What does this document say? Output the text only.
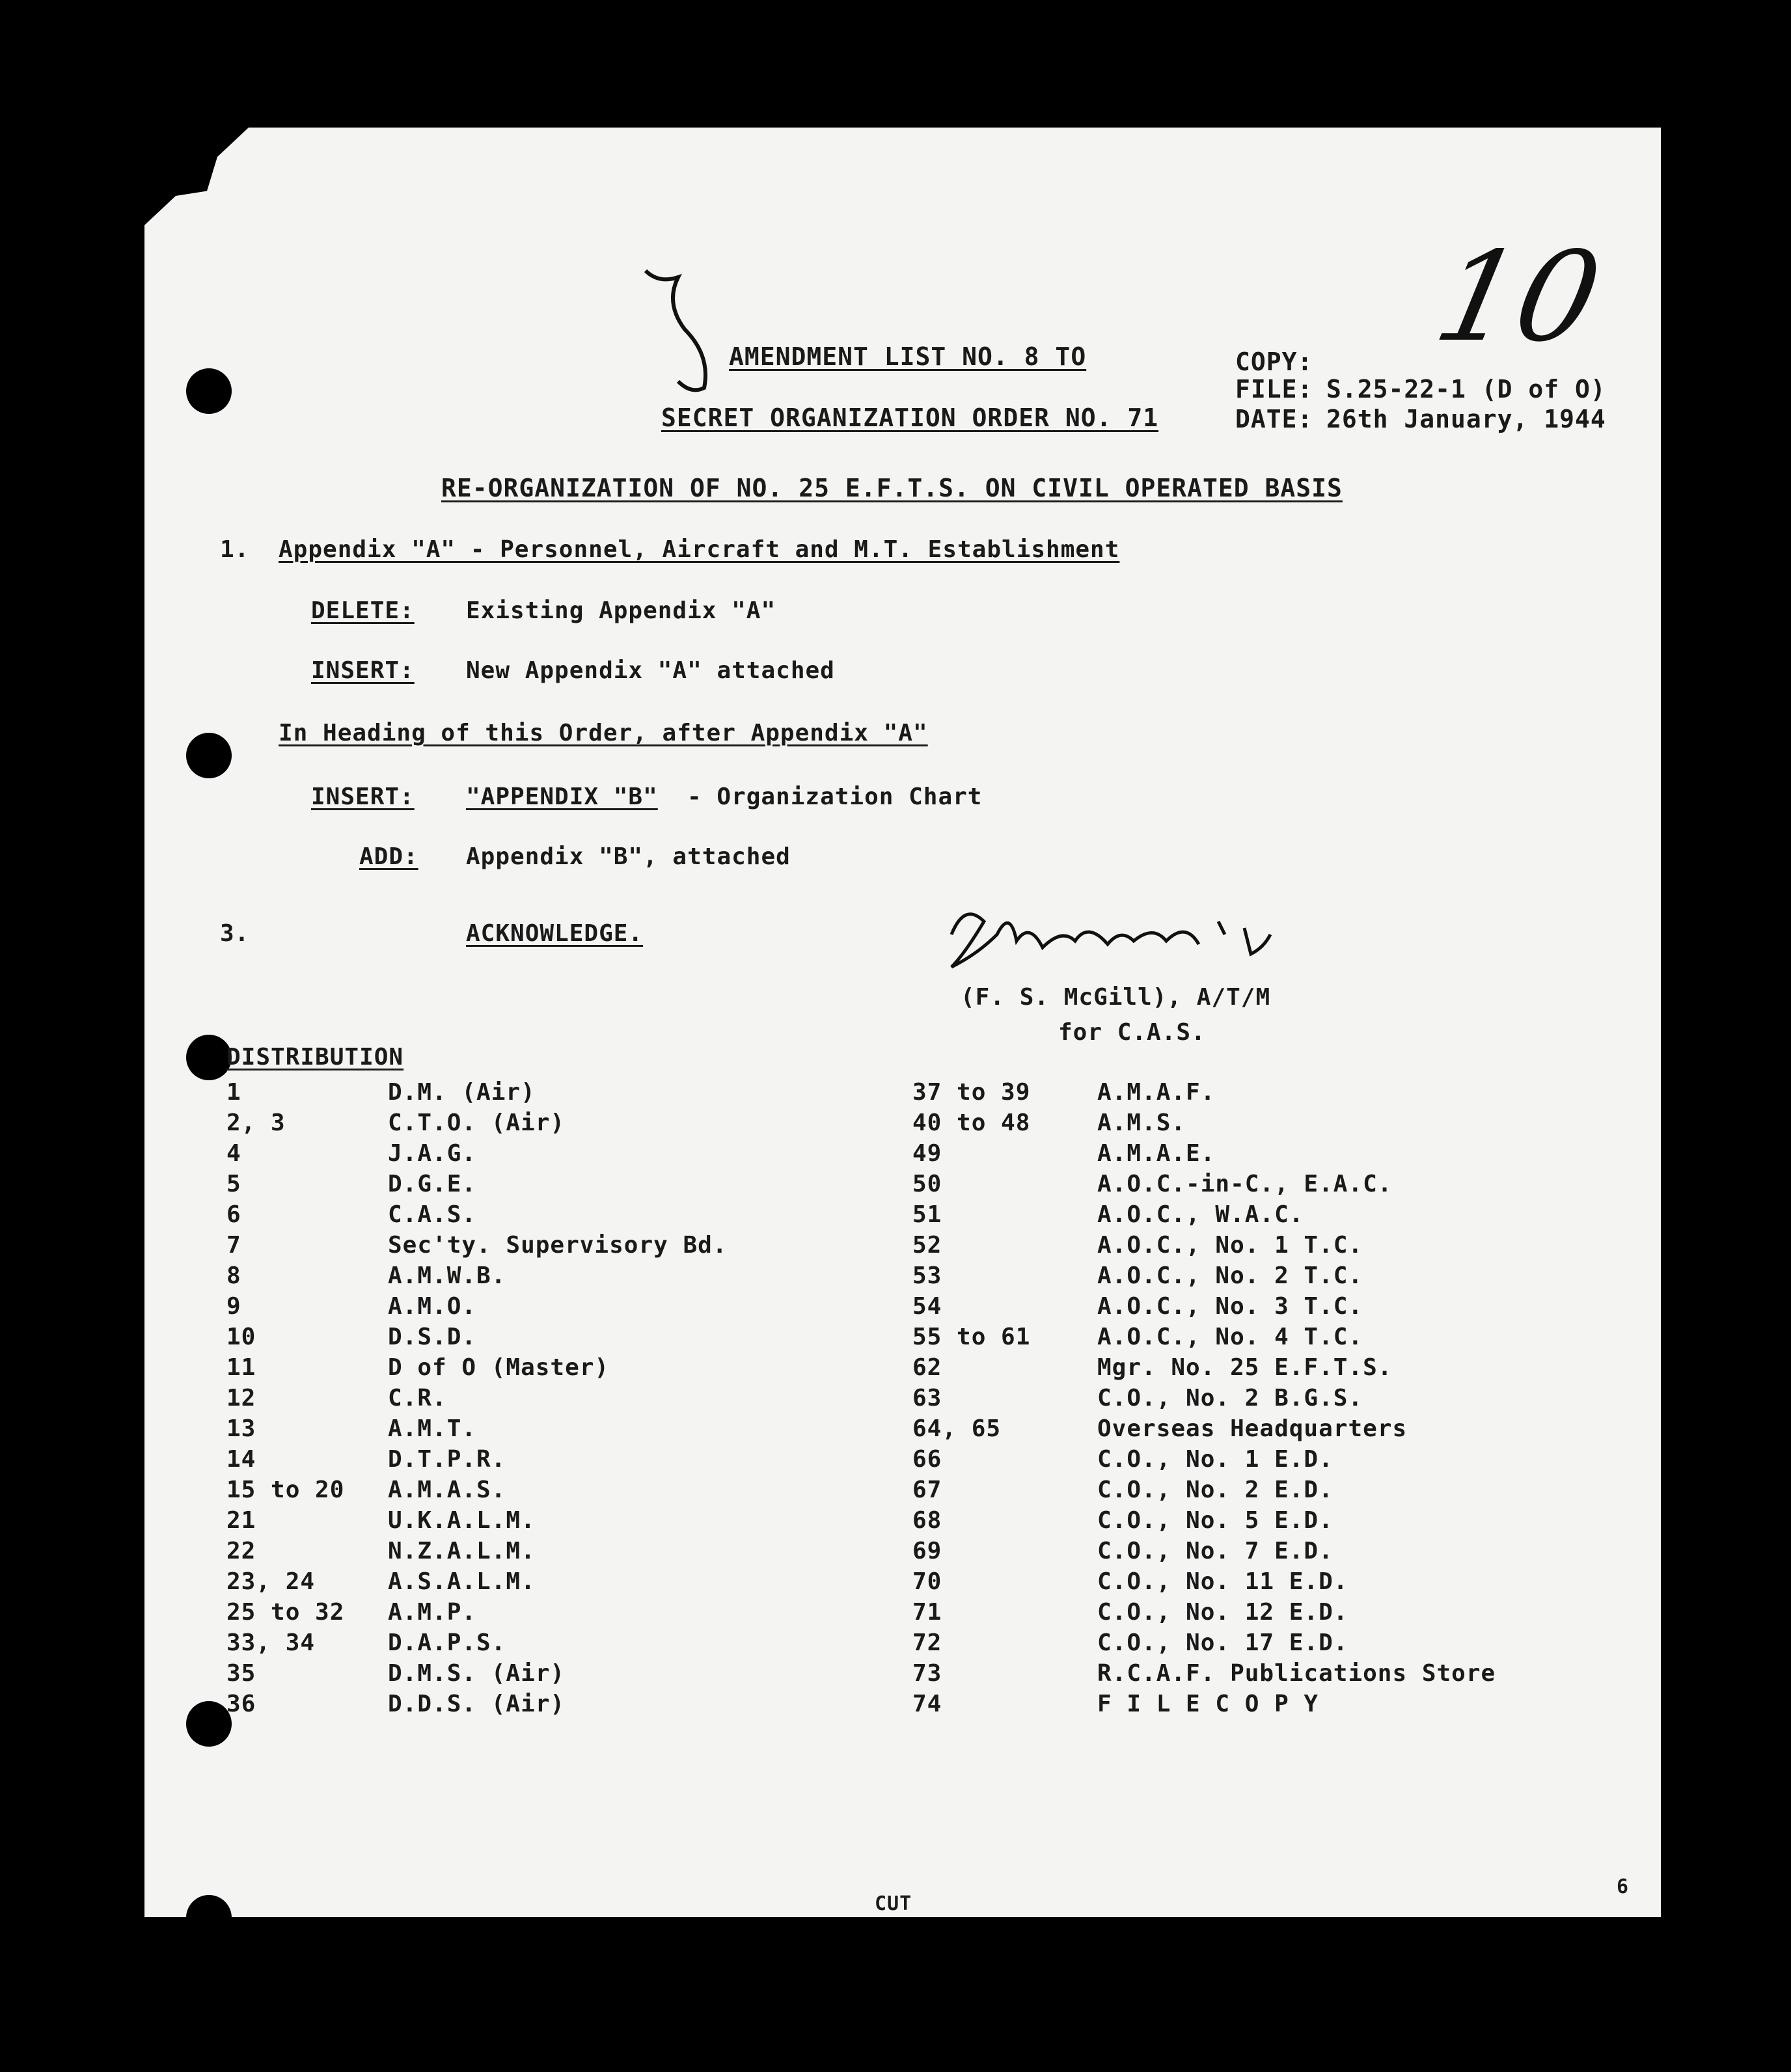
AMENDMENT LIST NO. 8 TO
SECRET ORGANIZATION ORDER NO. 71
COPY:
FILE: S.25-22-1 (D of O)
DATE: 26th January, 1944
10
RE-ORGANIZATION OF NO. 25 E.F.T.S. ON CIVIL OPERATED BASIS
1. Appendix "A" - Personnel, Aircraft and M.T. Establishment
DELETE: Existing Appendix "A"
INSERT: New Appendix "A" attached
In Heading of this Order, after Appendix "A"
INSERT: "APPENDIX "B" - Organization Chart
ADD: Appendix "B", attached
3.	ACKNOWLEDGE.
(F. S. McGill), A/T/M
for C.A.S.
DISTRIBUTION
CUT
6
1	D.M. (Air)
2, 3	C.T.O. (Air)
4	J.A.G.
5	D.G.E.
6	C.A.S.
7	Sec'ty. Supervisory Bd.
8	A.M.W.B.
9	A.M.O.
10	D.S.D.
11	D of O (Master)
12	C.R.
13	A.M.T.
14	D.T.P.R.
15 to 20 A.M.A.S.
21	U.K.A.L.M.
22	N.Z.A.L.M.
23, 24	A.S.A.L.M.
25 to 32 A.M.P.
33, 34	D.A.P.S.
35	D.M.S. (Air)
36	D.D.S. (Air)
37 to 39	A.M.A.F.
40 to 48	A.M.S.
49	A.M.A.E.
50	A.O.C.-in-C., E.A.C.
51	A.O.C., W.A.C.
52	A.O.C., No. 1 T.C.
53	A.O.C., No. 2 T.C.
54	A.O.C., No. 3 T.C.
55 to 61	A.O.C., No. 4 T.C.
62	Mgr. No. 25 E.F.T.S.
63	C.O., No. 2 B.G.S.
64, 65	Overseas Headquarters
66	C.O., No. 1 E.D.
67	C.O., No. 2 E.D.
68	C.O., No. 5 E.D.
69	C.O., No. 7 E.D.
70	C.O., No. 11 E.D.
71	C.O., No. 12 E.D.
72	C.O., No. 17 E.D.
73	R.C.A.F. Publications Store
74	F I L E C O P Y
